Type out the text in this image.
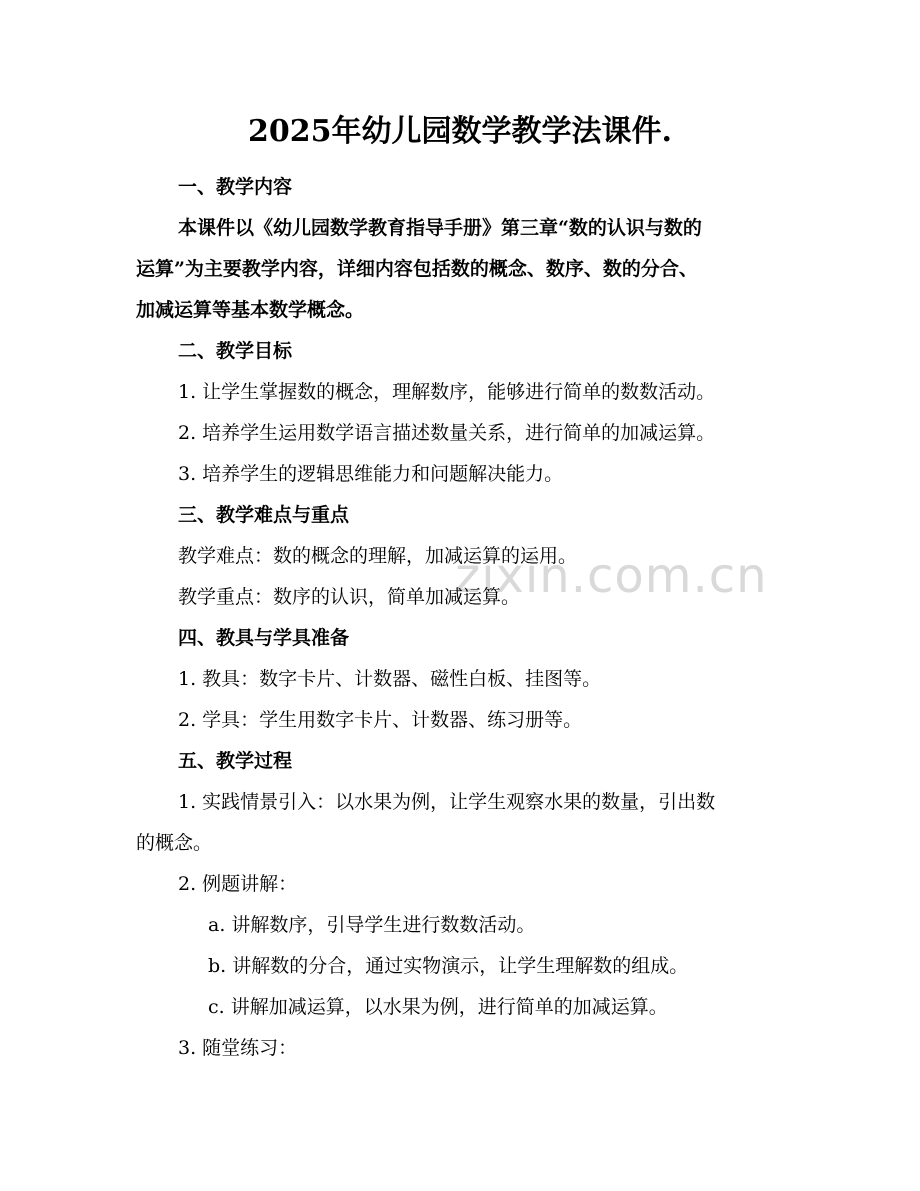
zixin.com.cn
2025年幼儿园数学教学法课件.
一、教学内容
本课件以《幼儿园数学教育指导手册》第三章“数的认识与数的
运算”为主要教学内容，详细内容包括数的概念、数序、数的分合、
加减运算等基本数学概念。
二、教学目标
1. 让学生掌握数的概念，理解数序，能够进行简单的数数活动。
2. 培养学生运用数学语言描述数量关系，进行简单的加减运算。
3. 培养学生的逻辑思维能力和问题解决能力。
三、教学难点与重点
教学难点：数的概念的理解，加减运算的运用。
教学重点：数序的认识，简单加减运算。
四、教具与学具准备
1. 教具：数字卡片、计数器、磁性白板、挂图等。
2. 学具：学生用数字卡片、计数器、练习册等。
五、教学过程
1. 实践情景引入：以水果为例，让学生观察水果的数量，引出数
的概念。
2. 例题讲解：
a. 讲解数序，引导学生进行数数活动。
b. 讲解数的分合，通过实物演示，让学生理解数的组成。
c. 讲解加减运算，以水果为例，进行简单的加减运算。
3. 随堂练习：
